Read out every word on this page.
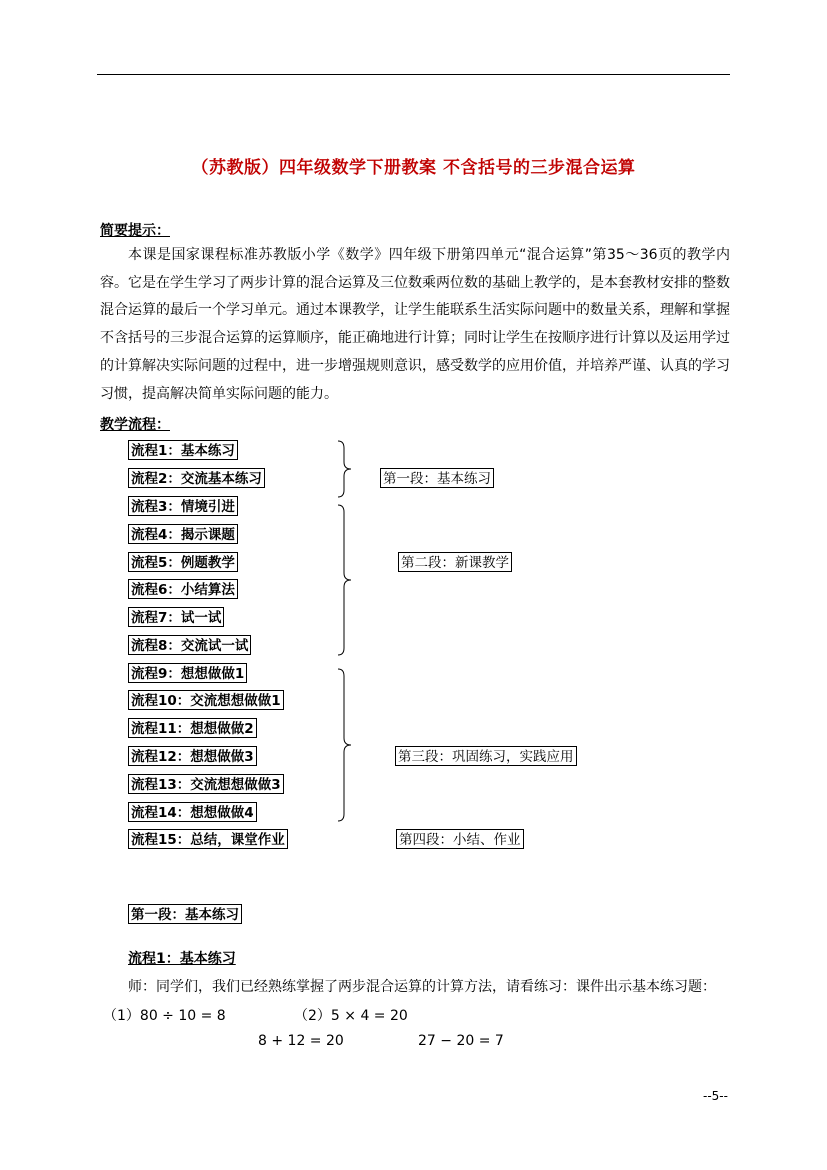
（苏教版）四年级数学下册教案 不含括号的三步混合运算
简要提示：

本课是国家课程标准苏教版小学《数学》四年级下册第四单元“混合运算”第35～36页的教学内容。它是在学生学习了两步计算的混合运算及三位数乘两位数的基础上教学的，是本套教材安排的整数混合运算的最后一个学习单元。通过本课教学，让学生能联系生活实际问题中的数量关系，理解和掌握不含括号的三步混合运算的运算顺序，能正确地进行计算；同时让学生在按顺序进行计算以及运用学过的计算解决实际问题的过程中，进一步增强规则意识，感受数学的应用价值，并培养严谨、认真的学习习惯，提高解决简单实际问题的能力。

教学流程：
流程1：基本练习
流程2：交流基本练习
流程3：情境引进
流程4：揭示课题
流程5：例题教学
流程6：小结算法
流程7：试一试
流程8：交流试一试
流程9：想想做做1
流程10：交流想想做做1
流程11：想想做做2
流程12：想想做做3
流程13：交流想想做做3
流程14：想想做做4
流程15：总结，课堂作业
第一段：基本练习
第二段：新课教学
第三段：巩固练习，实践应用
第四段：小结、作业
第一段：基本练习
流程1：基本练习
师：同学们，我们已经熟练掌握了两步混合运算的计算方法，请看练习：课件出示基本练习题：
（1）80 ÷ 10 = 8	（2）5 × 4 = 20
8 + 12 = 20	27 − 20 = 7
--5--
